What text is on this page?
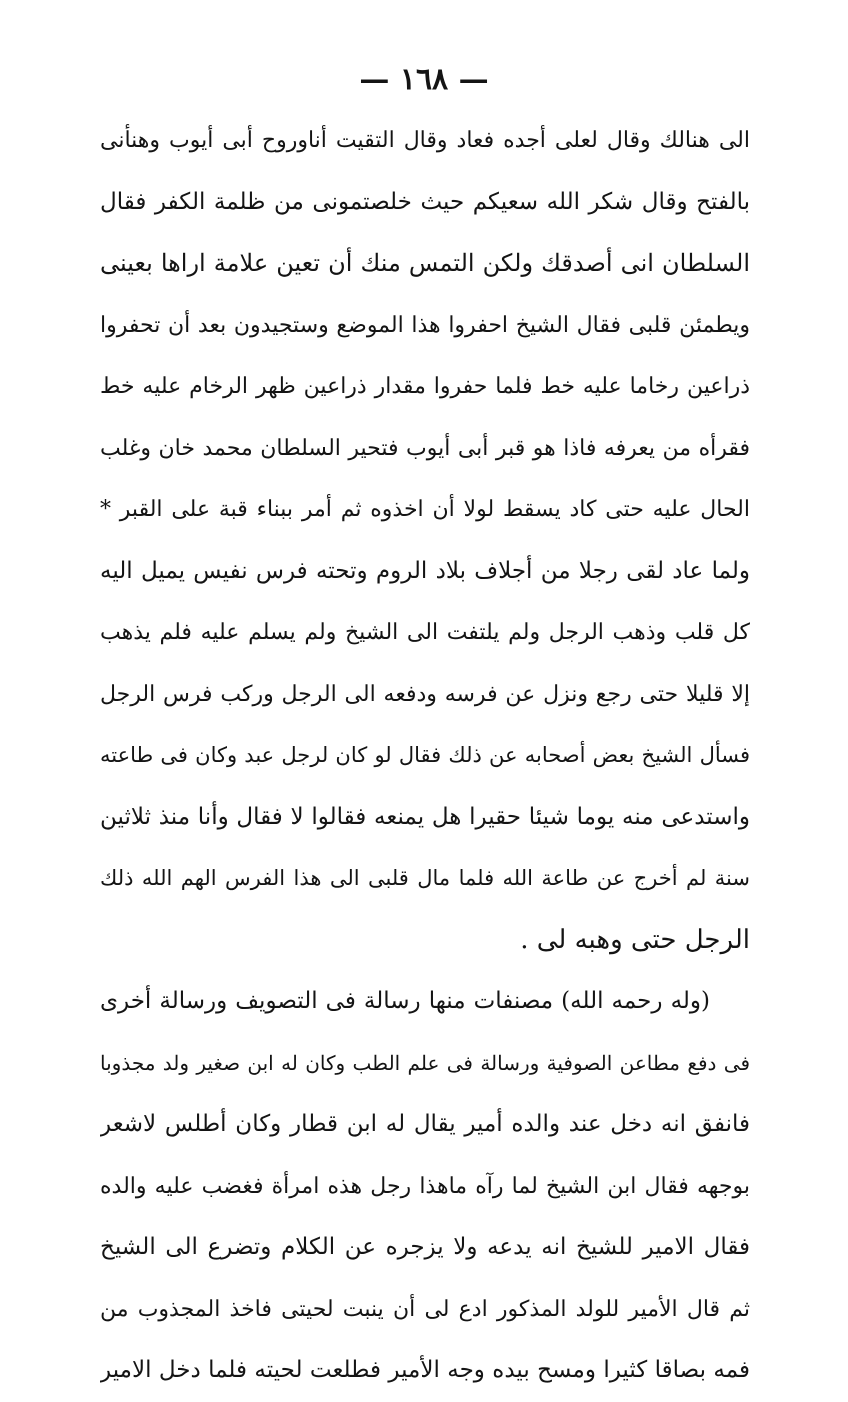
— ١٦٨ —
الى هنالك وقال لعلى أجده فعاد وقال التقيت أناوروح أبى أيوب وهنأنى
بالفتح وقال شكر الله سعيكم حيث خلصتمونى من ظلمة الكفر فقال
السلطان انى أصدقك ولكن التمس منك أن تعين علامة اراها بعينى
ويطمئن قلبى فقال الشيخ احفروا هذا الموضع وستجيدون بعد أن تحفروا
ذراعين رخاما عليه خط فلما حفروا مقدار ذراعين ظهر الرخام عليه خط
فقرأه من يعرفه فاذا هو قبر أبى أيوب فتحير السلطان محمد خان وغلب
الحال عليه حتى كاد يسقط لولا أن اخذوه ثم أمر ببناء قبة على القبر *
ولما عاد لقى رجلا من أجلاف بلاد الروم وتحته فرس نفيس يميل اليه
كل قلب وذهب الرجل ولم يلتفت الى الشيخ ولم يسلم عليه فلم يذهب
إلا قليلا حتى رجع ونزل عن فرسه ودفعه الى الرجل وركب فرس الرجل
فسأل الشيخ بعض أصحابه عن ذلك فقال لو كان لرجل عبد وكان فى طاعته
واستدعى منه يوما شيئا حقيرا هل يمنعه فقالوا لا فقال وأنا منذ ثلاثين
سنة لم أخرج عن طاعة الله فلما مال قلبى الى هذا الفرس الهم الله ذلك
الرجل حتى وهبه لى .
(وله رحمه الله) مصنفات منها رسالة فى التصويف ورسالة أخرى
فى دفع مطاعن الصوفية ورسالة فى علم الطب وكان له ابن صغير ولد مجذوبا
فانفق انه دخل عند والده أمير يقال له ابن قطار وكان أطلس لاشعر
بوجهه فقال ابن الشيخ لما رآه ماهذا رجل هذه امرأة فغضب عليه والده
فقال الامير للشيخ انه يدعه ولا يزجره عن الكلام وتضرع الى الشيخ
ثم قال الأمير للولد المذكور ادع لى أن ينبت لحيتى فاخذ المجذوب من
فمه بصاقا كثيرا ومسح بيده وجه الأمير فطلعت لحيته فلما دخل الامير
